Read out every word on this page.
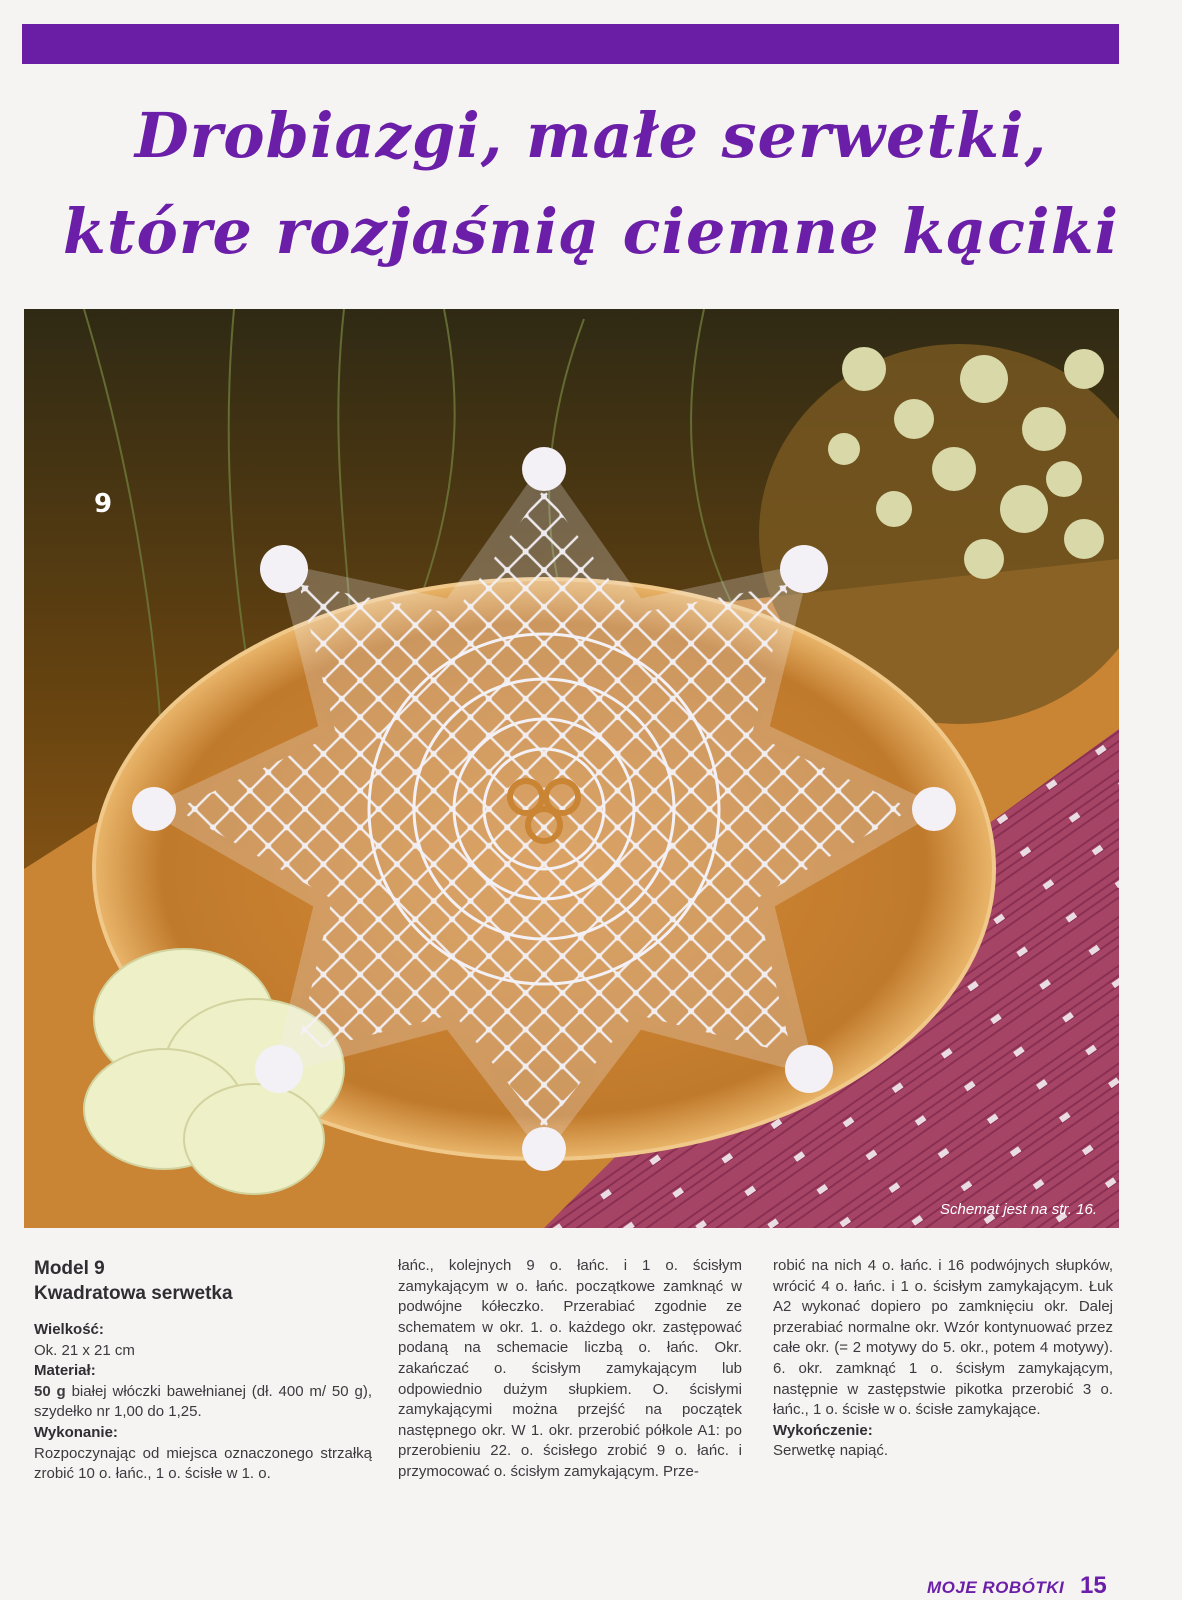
Drobiazgi, małe serwetki,
które rozjaśnią ciemne kąciki
9
Schemat jest na str. 16.
Model 9
Kwadratowa serwetka
Wielkość:
Ok. 21 x 21 cm
Materiał:
50 g białej włóczki bawełnianej (dł. 400 m/ 50 g), szydełko nr 1,00 do 1,25.
Wykonanie:
Rozpoczynając od miejsca oznaczonego strzałką zrobić 10 o. łańc., 1 o. ścisłe w 1. o.
łańc., kolejnych 9 o. łańc. i 1 o. ścisłym zamykającym w o. łańc. początkowe zamknąć w podwójne kółeczko. Przerabiać zgodnie ze schematem w okr. 1. o. każdego okr. zastępować podaną na schemacie liczbą o. łańc. Okr. zakańczać o. ścisłym zamykającym lub odpowiednio dużym słupkiem. O. ścisłymi zamykającymi można przejść na początek następnego okr. W 1. okr. przerobić półkole A1: po przerobieniu 22. o. ścisłego zrobić 9 o. łańc. i przymocować o. ścisłym zamykającym. Prze-
robić na nich 4 o. łańc. i 16 podwójnych słupków, wrócić 4 o. łańc. i 1 o. ścisłym zamykającym. Łuk A2 wykonać dopiero po zamknięciu okr. Dalej przerabiać normalne okr. Wzór kontynuować przez całe okr. (= 2 motywy do 5. okr., potem 4 motywy). 6. okr. zamknąć 1 o. ścisłym zamykającym, następnie w zastępstwie pikotka przerobić 3 o. łańc., 1 o. ścisłe w o. ścisłe zamykające.
Wykończenie:
Serwetkę napiąć.
MOJE ROBÓTKI 15
